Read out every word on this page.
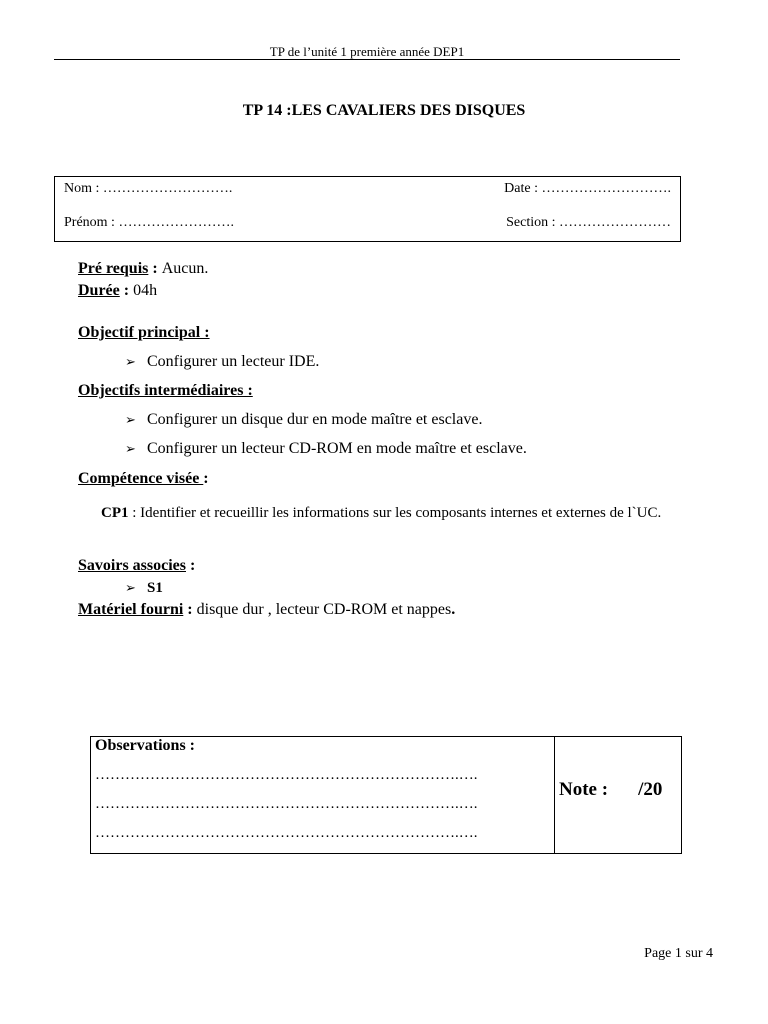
TP de l’unité 1 première année DEP1
TP 14 :LES CAVALIERS DES DISQUES
Nom : ……………………….	Date : ……………………….
Prénom : …………………….	Section : ……………………
Pré requis : Aucun.
Durée : 04h
Objectif principal :
➢ Configurer un lecteur IDE.
Objectifs intermédiaires :
➢ Configurer un disque dur en mode maître et esclave.
➢ Configurer un lecteur CD-ROM en mode maître et esclave.
Compétence visée :
CP1 : Identifier et recueillir les informations sur les composants internes et externes de l`UC.
Savoirs associes :
➢ S1
Matériel fourni : disque dur , lecteur CD-ROM et nappes.
Observations :
……………………………………………………………….….
……………………………………………………………….….
……………………………………………………………….….
Note : /20
Page 1 sur 4
